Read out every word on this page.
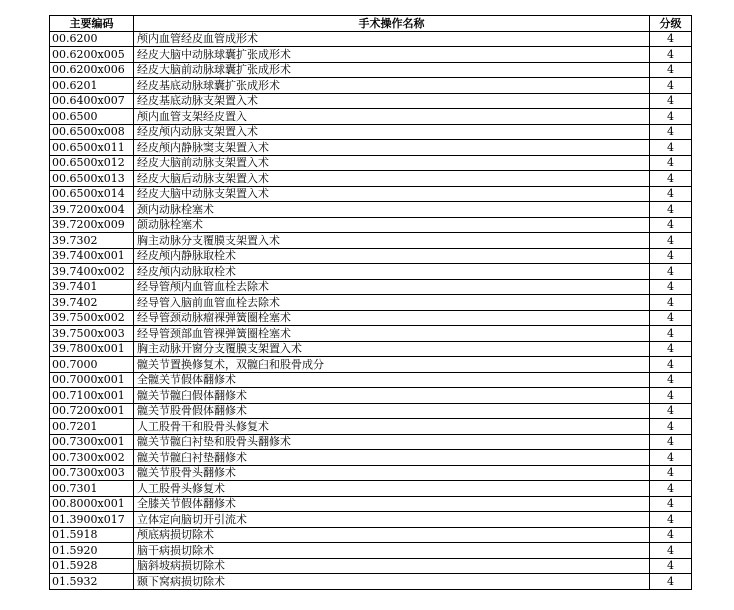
主要编码	手术操作名称	分级
00.6200	颅内血管经皮血管成形术	4
00.6200x005	经皮大脑中动脉球囊扩张成形术	4
00.6200x006	经皮大脑前动脉球囊扩张成形术	4
00.6201	经皮基底动脉球囊扩张成形术	4
00.6400x007	经皮基底动脉支架置入术	4
00.6500	颅内血管支架经皮置入	4
00.6500x008	经皮颅内动脉支架置入术	4
00.6500x011	经皮颅内静脉窦支架置入术	4
00.6500x012	经皮大脑前动脉支架置入术	4
00.6500x013	经皮大脑后动脉支架置入术	4
00.6500x014	经皮大脑中动脉支架置入术	4
39.7200x004	颈内动脉栓塞术	4
39.7200x009	颌动脉栓塞术	4
39.7302	胸主动脉分支覆膜支架置入术	4
39.7400x001	经皮颅内静脉取栓术	4
39.7400x002	经皮颅内动脉取栓术	4
39.7401	经导管颅内血管血栓去除术	4
39.7402	经导管入脑前血管血栓去除术	4
39.7500x002	经导管颈动脉瘤裸弹簧圈栓塞术	4
39.7500x003	经导管颈部血管裸弹簧圈栓塞术	4
39.7800x001	胸主动脉开窗分支覆膜支架置入术	4
00.7000	髋关节置换修复术，双髋臼和股骨成分	4
00.7000x001	全髋关节假体翻修术	4
00.7100x001	髋关节髋臼假体翻修术	4
00.7200x001	髋关节股骨假体翻修术	4
00.7201	人工股骨干和股骨头修复术	4
00.7300x001	髋关节髋臼衬垫和股骨头翻修术	4
00.7300x002	髋关节髋臼衬垫翻修术	4
00.7300x003	髋关节股骨头翻修术	4
00.7301	人工股骨头修复术	4
00.8000x001	全膝关节假体翻修术	4
01.3900x017	立体定向脑切开引流术	4
01.5918	颅底病损切除术	4
01.5920	脑干病损切除术	4
01.5928	脑斜坡病损切除术	4
01.5932	颞下窝病损切除术	4
